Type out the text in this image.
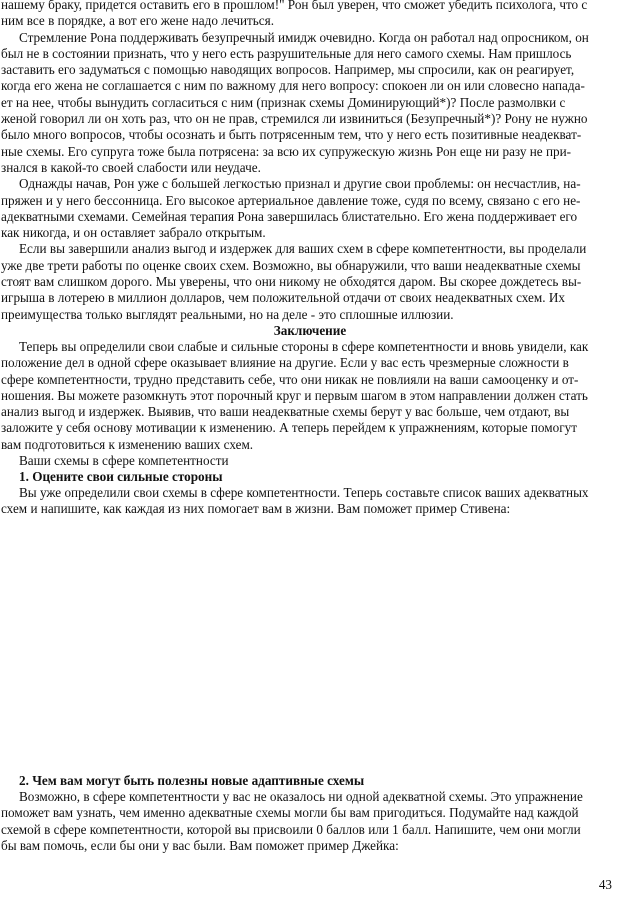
нашему браку, придется оставить его в прошлом!" Рон был уверен, что сможет убедить психолога, что с
ним все в порядке, а вот его жене надо лечиться.
Стремление Рона поддерживать безупречный имидж очевидно. Когда он работал над опросником, он
был не в состоянии признать, что у него есть разрушительные для него самого схемы. Нам пришлось
заставить его задуматься с помощью наводящих вопросов. Например, мы спросили, как он реагирует,
когда его жена не соглашается с ним по важному для него вопросу: спокоен ли он или словесно напада-
ет на нее, чтобы вынудить согласиться с ним (признак схемы Доминирующий*)? После размолвки с
женой говорил ли он хоть раз, что он не прав, стремился ли извиниться (Безупречный*)? Рону не нужно
было много вопросов, чтобы осознать и быть потрясенным тем, что у него есть позитивные неадекват-
ные схемы. Его супруга тоже была потрясена: за всю их супружескую жизнь Рон еще ни разу не при-
знался в какой-то своей слабости или неудаче.
Однажды начав, Рон уже с большей легкостью признал и другие свои проблемы: он несчастлив, на-
пряжен и у него бессонница. Его высокое артериальное давление тоже, судя по всему, связано с его не-
адекватными схемами. Семейная терапия Рона завершилась блистательно. Его жена поддерживает его
как никогда, и он оставляет забрало открытым.
Если вы завершили анализ выгод и издержек для ваших схем в сфере компетентности, вы проделали
уже две трети работы по оценке своих схем. Возможно, вы обнаружили, что ваши неадекватные схемы
стоят вам слишком дорого. Мы уверены, что они никому не обходятся даром. Вы скорее дождетесь вы-
игрыша в лотерею в миллион долларов, чем положительной отдачи от своих неадекватных схем. Их
преимущества только выглядят реальными, но на деле - это сплошные иллюзии.
Заключение
Теперь вы определили свои слабые и сильные стороны в сфере компетентности и вновь увидели, как
положение дел в одной сфере оказывает влияние на другие. Если у вас есть чрезмерные сложности в
сфере компетентности, трудно представить себе, что они никак не повлияли на ваши самооценку и от-
ношения. Вы можете разомкнуть этот порочный круг и первым шагом в этом направлении должен стать
анализ выгод и издержек. Выявив, что ваши неадекватные схемы берут у вас больше, чем отдают, вы
заложите у себя основу мотивации к изменению. А теперь перейдем к упражнениям, которые помогут
вам подготовиться к изменению ваших схем.
Ваши схемы в сфере компетентности
1. Оцените свои сильные стороны
Вы уже определили свои схемы в сфере компетентности. Теперь составьте список ваших адекватных
схем и напишите, как каждая из них помогает вам в жизни. Вам поможет пример Стивена:
2. Чем вам могут быть полезны новые адаптивные схемы
Возможно, в сфере компетентности у вас не оказалось ни одной адекватной схемы. Это упражнение
поможет вам узнать, чем именно адекватные схемы могли бы вам пригодиться. Подумайте над каждой
схемой в сфере компетентности, которой вы присвоили 0 баллов или 1 балл. Напишите, чем они могли
бы вам помочь, если бы они у вас были. Вам поможет пример Джейка:
43
